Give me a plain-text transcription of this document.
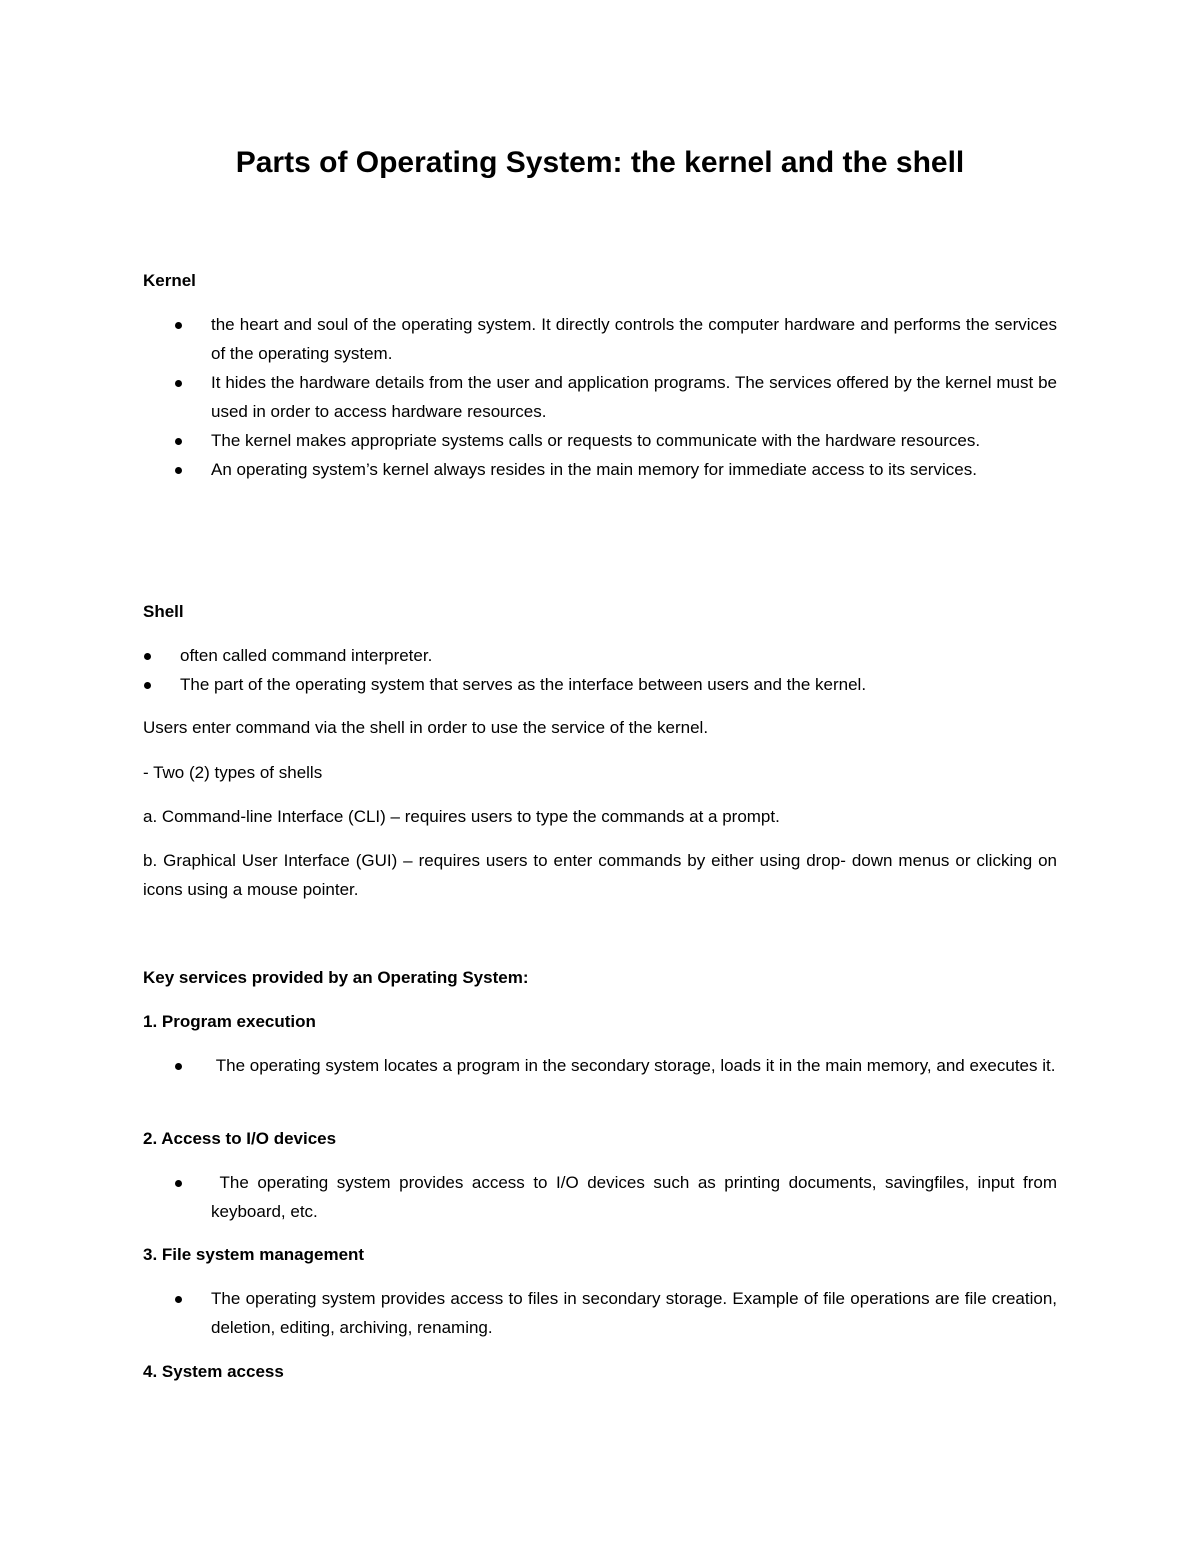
Parts of Operating System: the kernel and the shell
Kernel
the heart and soul of the operating system. It directly controls the computer hardware and performs the services of the operating system.
It hides the hardware details from the user and application programs. The services offered by the kernel must be used in order to access hardware resources.
The kernel makes appropriate systems calls or requests to communicate with the hardware resources.
An operating system’s kernel always resides in the main memory for immediate access to its services.
Shell
often called command interpreter.
The part of the operating system that serves as the interface between users and the kernel.
Users enter command via the shell in order to use the service of the kernel.
- Two (2) types of shells
a. Command-line Interface (CLI) – requires users to type the commands at a prompt.
b. Graphical User Interface (GUI) – requires users to enter commands by either using drop- down menus or clicking on icons using a mouse pointer.
Key services provided by an Operating System:
1. Program execution
The operating system locates a program in the secondary storage, loads it in the main memory, and executes it.
2. Access to I/O devices
The operating system provides access to I/O devices such as printing documents, savingfiles, input from keyboard, etc.
3. File system management
The operating system provides access to files in secondary storage. Example of file operations are file creation, deletion, editing, archiving, renaming.
4. System access
